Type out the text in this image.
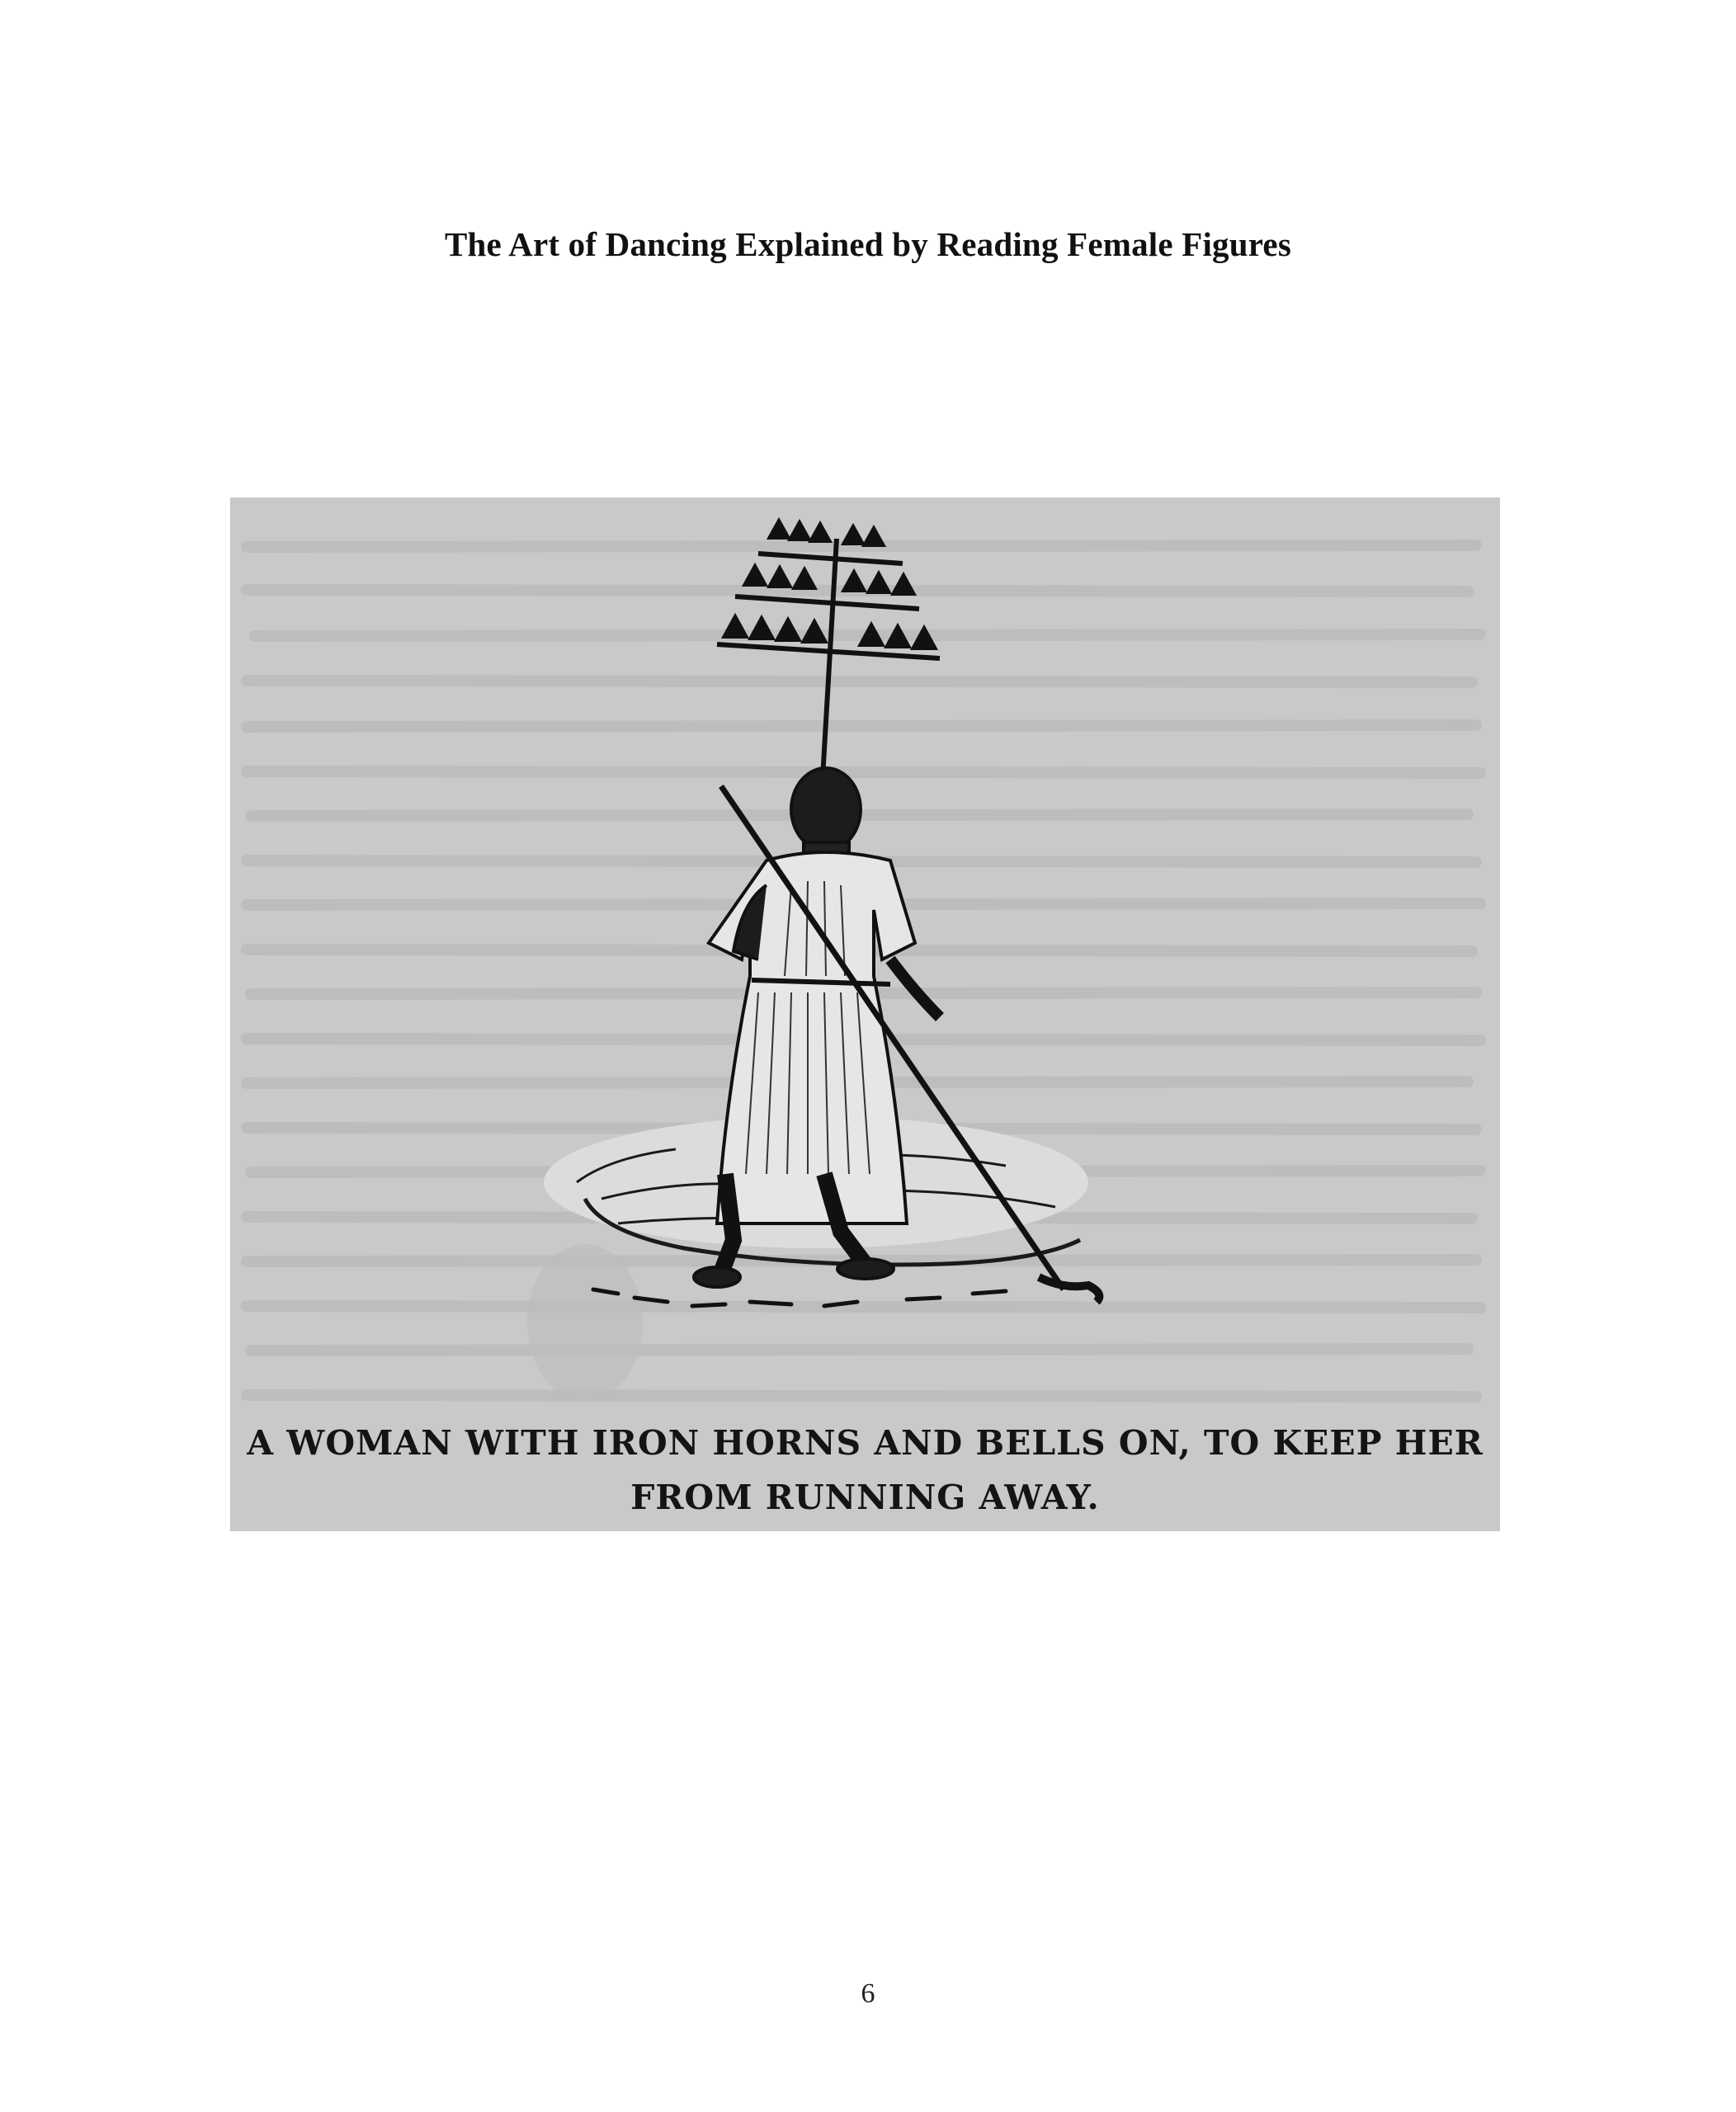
The Art of Dancing Explained by Reading Female Figures
A WOMAN WITH IRON HORNS AND BELLS ON, TO KEEP HER
FROM RUNNING AWAY.
6
